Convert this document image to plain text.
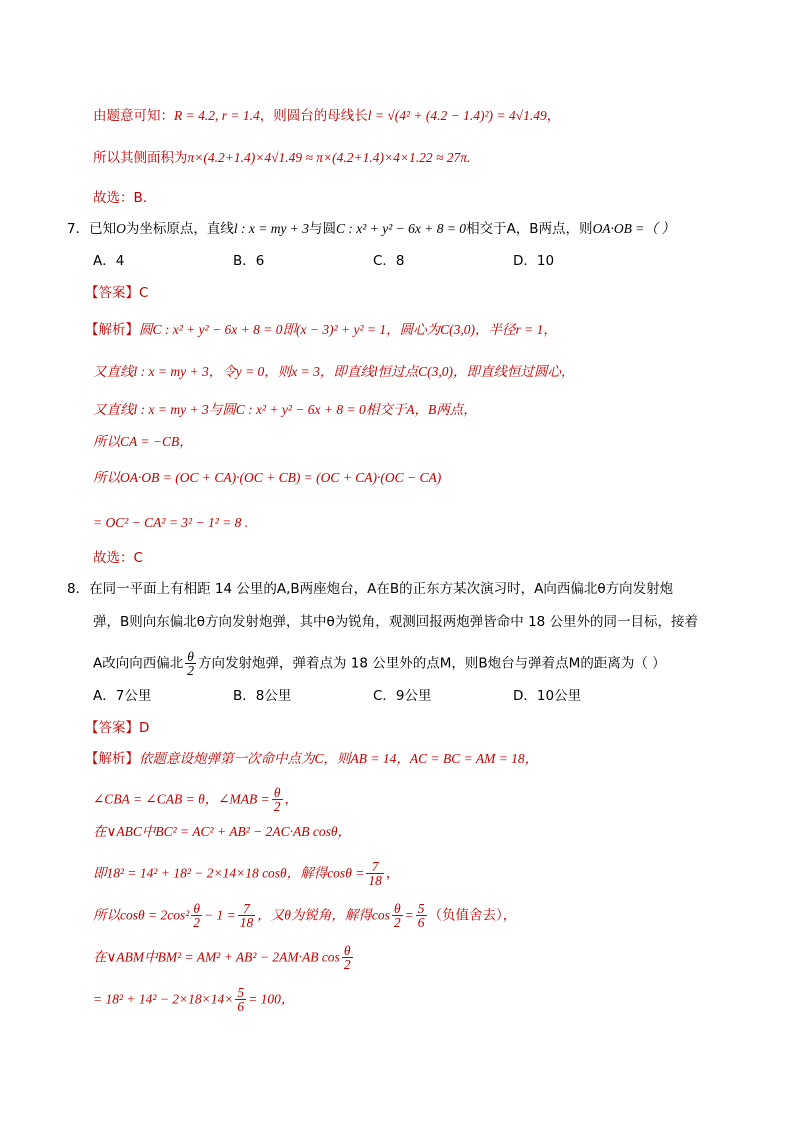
由题意可知：R = 4.2, r = 1.4，则圆台的母线长l = √(4² + (4.2 − 1.4)²) = 4√1.49，
所以其侧面积为π×(4.2+1.4)×4√1.49 ≈ π×(4.2+1.4)×4×1.22 ≈ 27π.
故选：B.
7．已知O为坐标原点，直线l : x = my + 3与圆C : x² + y² − 6x + 8 = 0相交于A，B两点，则OA·OB =（ ）
A．4	B．6	C．8	D．10
【答案】C
【解析】圆C : x² + y² − 6x + 8 = 0即(x − 3)² + y² = 1，圆心为C(3,0)，半径r = 1，
又直线l : x = my + 3，令y = 0，则x = 3，即直线l恒过点C(3,0)，即直线恒过圆心，
又直线l : x = my + 3与圆C : x² + y² − 6x + 8 = 0相交于A，B两点，
所以CA = −CB，
所以OA·OB = (OC + CA)·(OC + CB) = (OC + CA)·(OC − CA)
= OC² − CA² = 3² − 1² = 8 .
故选：C
8．在同一平面上有相距 14 公里的A,B两座炮台，A在B的正东方某次演习时，A向西偏北θ方向发射炮
弹，B则向东偏北θ方向发射炮弹，其中θ为锐角，观测回报两炮弹皆命中 18 公里外的同一目标，接着
A改向向西偏北 $\frac{\theta}{2}$ 方向发射炮弹，弹着点为 18 公里外的点M，则B炮台与弹着点M的距离为（ ）
A．7公里	B．8公里	C．9公里	D．10公里
【答案】D
【解析】依题意设炮弹第一次命中点为C，则AB = 14，AC = BC = AM = 18，
∠CBA = ∠CAB = θ，∠MAB = $\frac{\theta}{2}$ ，
在∨ABC中BC² = AC² + AB² − 2AC·AB cosθ，
即18² = 14² + 18² − 2×14×18 cosθ，解得$\cos\theta = \frac{7}{18}$ ，
所以$\cos\theta = 2\cos^2 \frac{\theta}{2} - 1 = \frac{7}{18}$ ，又θ为锐角，解得$\cos \frac{\theta}{2} = \frac{5}{6}$ （负值舍去），
在∨ABM中BM² = AM² + AB² − 2AM·AB $\cos \frac{\theta}{2}$
= $18^2 + 14^2 - 2\times 18\times 14\times \frac{5}{6} = 100$，
